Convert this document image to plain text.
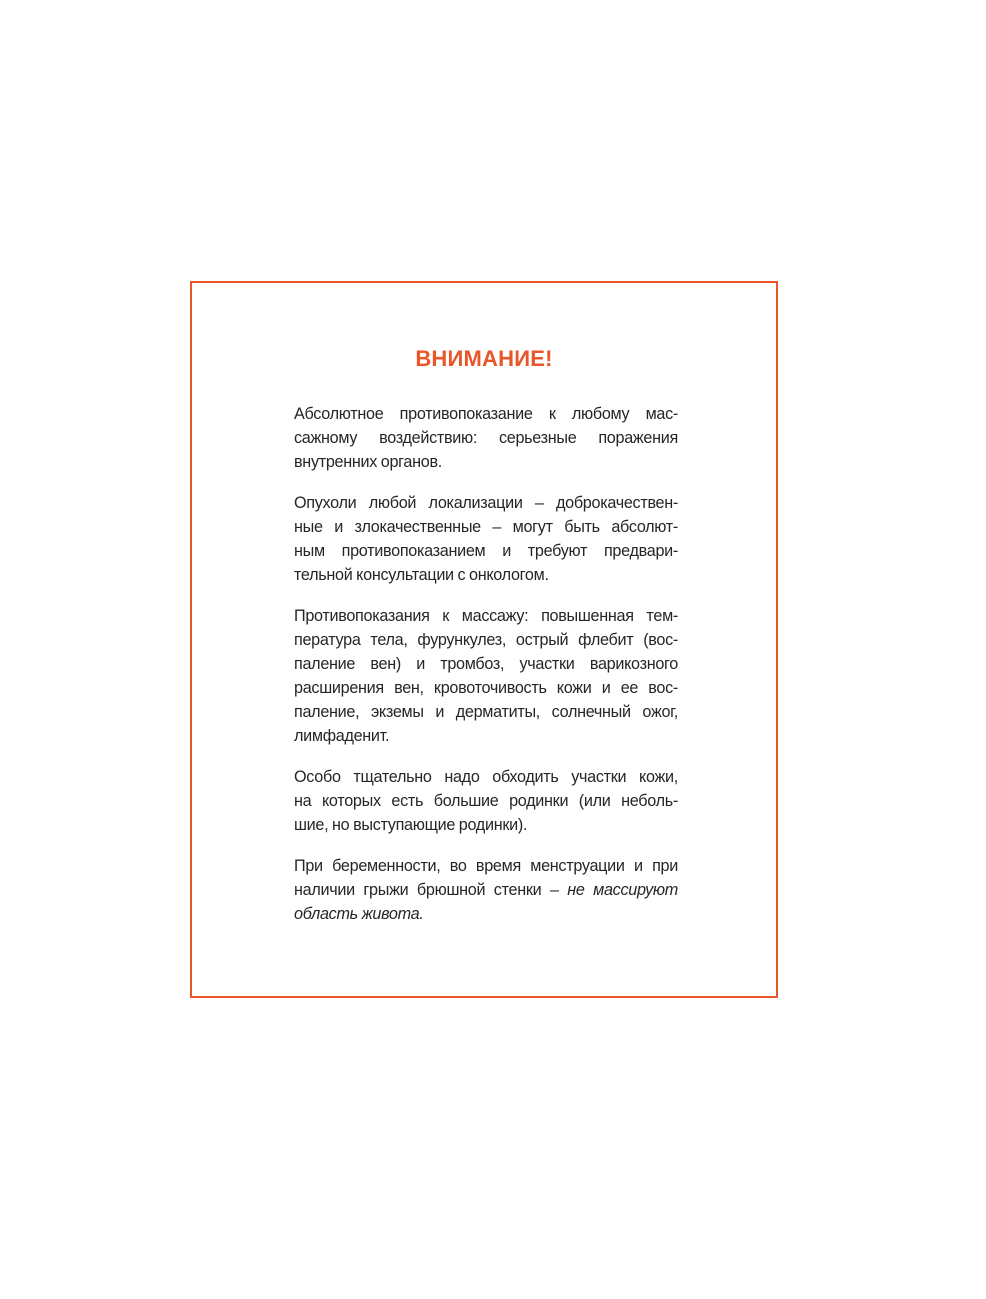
ВНИМАНИЕ!

Абсолютное противопоказание к любому мас-
сажному воздействию: серьезные поражения
внутренних органов.

Опухоли любой локализации – доброкачествен-
ные и злокачественные – могут быть абсолют-
ным противопоказанием и требуют предвари-
тельной консультации с онкологом.

Противопоказания к массажу: повышенная тем-
пература тела, фурункулез, острый флебит (вос-
паление вен) и тромбоз, участки варикозного
расширения вен, кровоточивость кожи и ее вос-
паление, экземы и дерматиты, солнечный ожог,
лимфаденит.

Особо тщательно надо обходить участки кожи,
на которых есть большие родинки (или неболь-
шие, но выступающие родинки).

При беременности, во время менструации и при
наличии грыжи брюшной стенки – не массируют
область живота.
